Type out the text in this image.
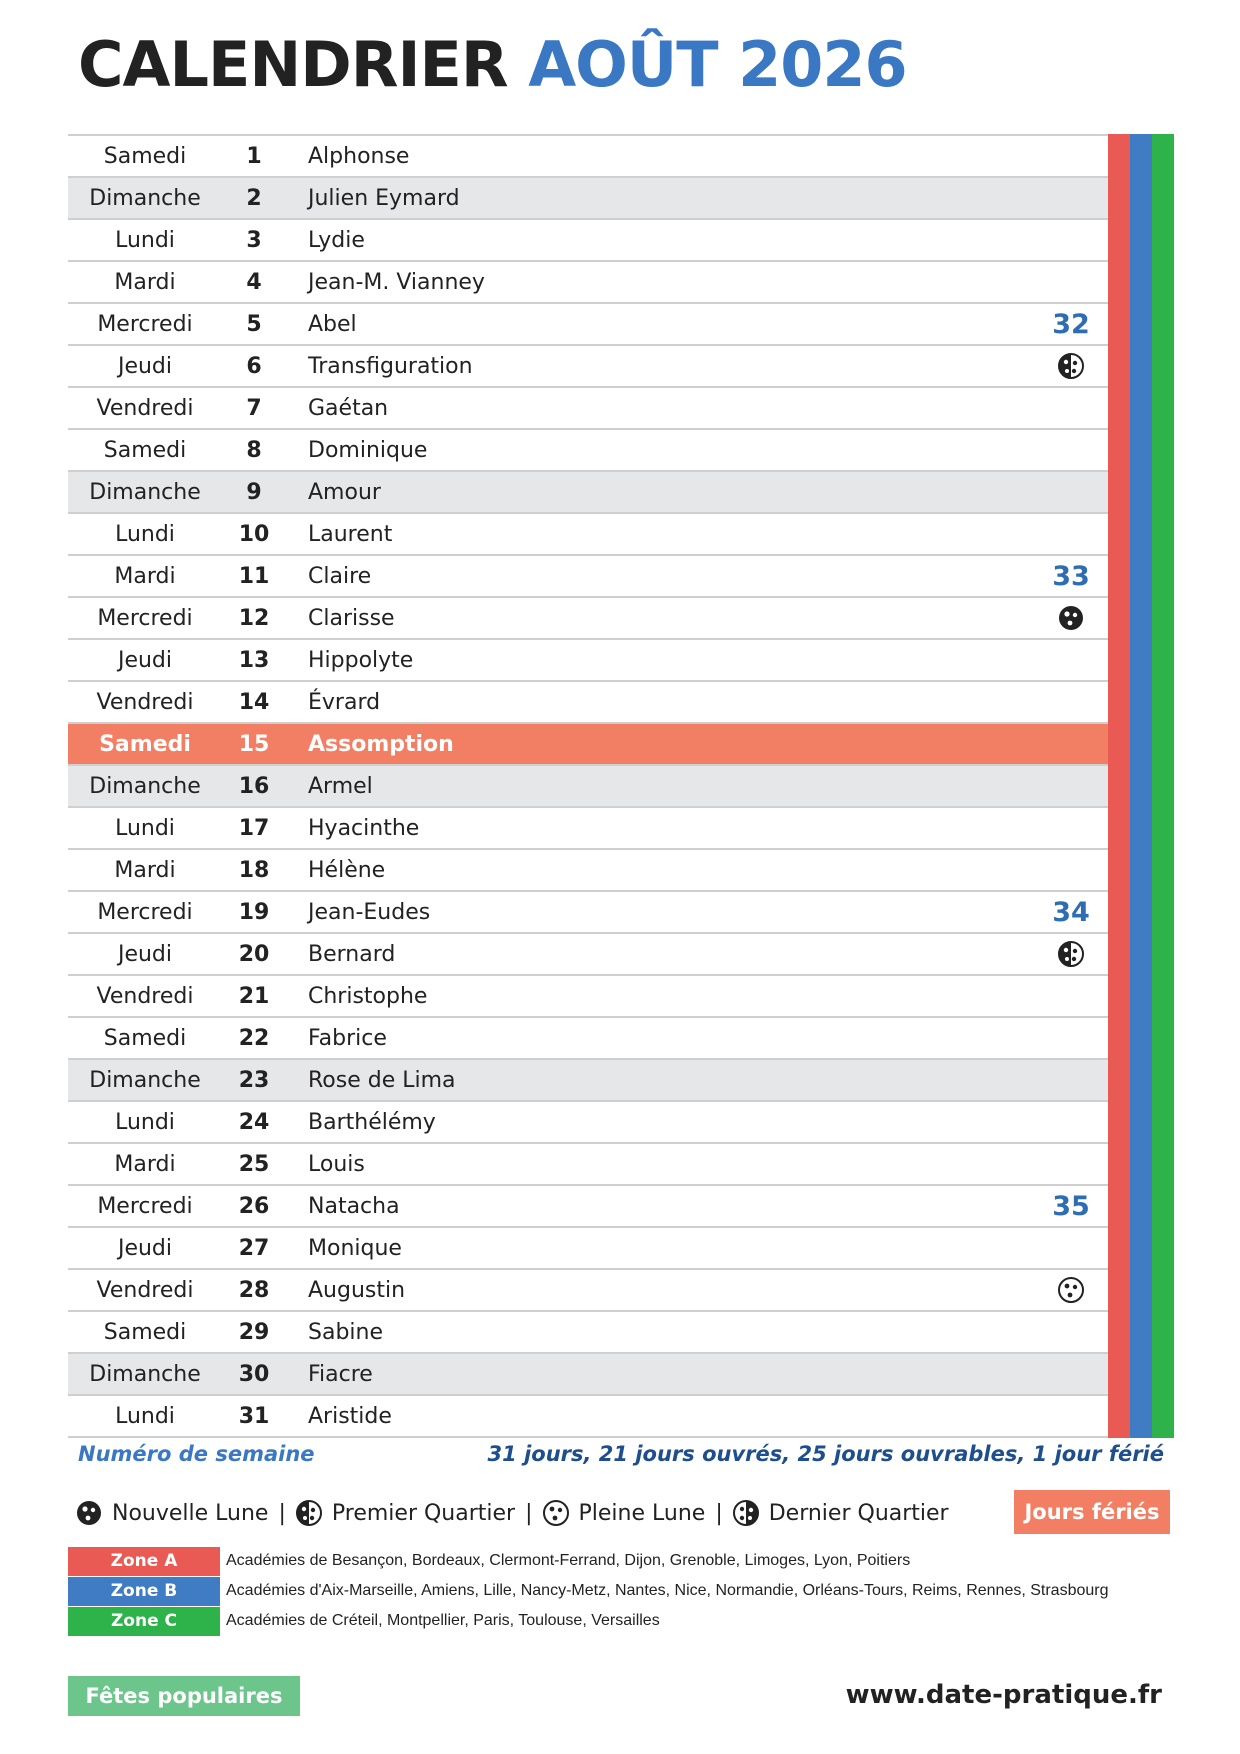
CALENDRIER AOÛT 2026
Samedi	1	Alphonse
Dimanche	2	Julien Eymard
Lundi	3	Lydie
Mardi	4	Jean-M. Vianney
Mercredi	5	Abel	32
Jeudi	6	Transfiguration
Vendredi	7	Gaétan
Samedi	8	Dominique
Dimanche	9	Amour
Lundi	10	Laurent
Mardi	11	Claire	33
Mercredi	12	Clarisse
Jeudi	13	Hippolyte
Vendredi	14	Évrard
Samedi	15	Assomption
Dimanche	16	Armel
Lundi	17	Hyacinthe
Mardi	18	Hélène
Mercredi	19	Jean-Eudes	34
Jeudi	20	Bernard
Vendredi	21	Christophe
Samedi	22	Fabrice
Dimanche	23	Rose de Lima
Lundi	24	Barthélémy
Mardi	25	Louis
Mercredi	26	Natacha	35
Jeudi	27	Monique
Vendredi	28	Augustin
Samedi	29	Sabine
Dimanche	30	Fiacre
Lundi	31	Aristide
Numéro de semaine	31 jours, 21 jours ouvrés, 25 jours ouvrables, 1 jour férié
Nouvelle Lune | Premier Quartier | Pleine Lune | Dernier Quartier	Jours fériés
Zone A	Académies de Besançon, Bordeaux, Clermont-Ferrand, Dijon, Grenoble, Limoges, Lyon, Poitiers
Zone B	Académies d'Aix-Marseille, Amiens, Lille, Nancy-Metz, Nantes, Nice, Normandie, Orléans-Tours, Reims, Rennes, Strasbourg
Zone C	Académies de Créteil, Montpellier, Paris, Toulouse, Versailles
Fêtes populaires	www.date-pratique.fr
